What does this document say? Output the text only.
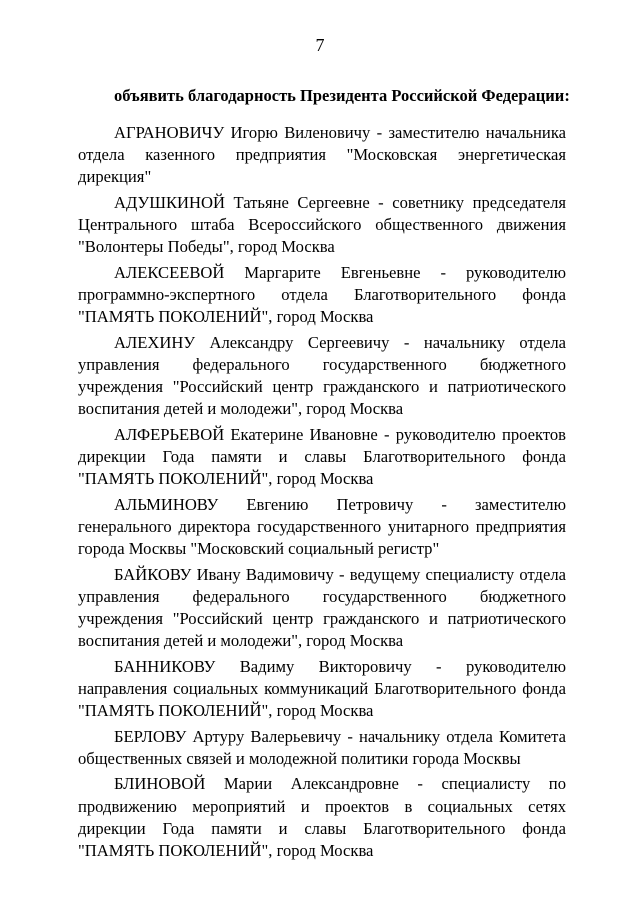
7
объявить благодарность Президента Российской Федерации:

АГРАНОВИЧУ Игорю Виленовичу - заместителю начальника отдела казенного предприятия "Московская энергетическая дирекция"

АДУШКИНОЙ Татьяне Сергеевне - советнику председателя Центрального штаба Всероссийского общественного движения "Волонтеры Победы", город Москва

АЛЕКСЕЕВОЙ Маргарите Евгеньевне - руководителю программно-экспертного отдела Благотворительного фонда "ПАМЯТЬ ПОКОЛЕНИЙ", город Москва

АЛЕХИНУ Александру Сергеевичу - начальнику отдела управления федерального государственного бюджетного учреждения "Российский центр гражданского и патриотического воспитания детей и молодежи", город Москва

АЛФЕРЬЕВОЙ Екатерине Ивановне - руководителю проектов дирекции Года памяти и славы Благотворительного фонда "ПАМЯТЬ ПОКОЛЕНИЙ", город Москва

АЛЬМИНОВУ Евгению Петровичу - заместителю генерального директора государственного унитарного предприятия города Москвы "Московский социальный регистр"

БАЙКОВУ Ивану Вадимовичу - ведущему специалисту отдела управления федерального государственного бюджетного учреждения "Российский центр гражданского и патриотического воспитания детей и молодежи", город Москва

БАННИКОВУ Вадиму Викторовичу - руководителю направления социальных коммуникаций Благотворительного фонда "ПАМЯТЬ ПОКОЛЕНИЙ", город Москва

БЕРЛОВУ Артуру Валерьевичу - начальнику отдела Комитета общественных связей и молодежной политики города Москвы

БЛИНОВОЙ Марии Александровне - специалисту по продвижению мероприятий и проектов в социальных сетях дирекции Года памяти и славы Благотворительного фонда "ПАМЯТЬ ПОКОЛЕНИЙ", город Москва
